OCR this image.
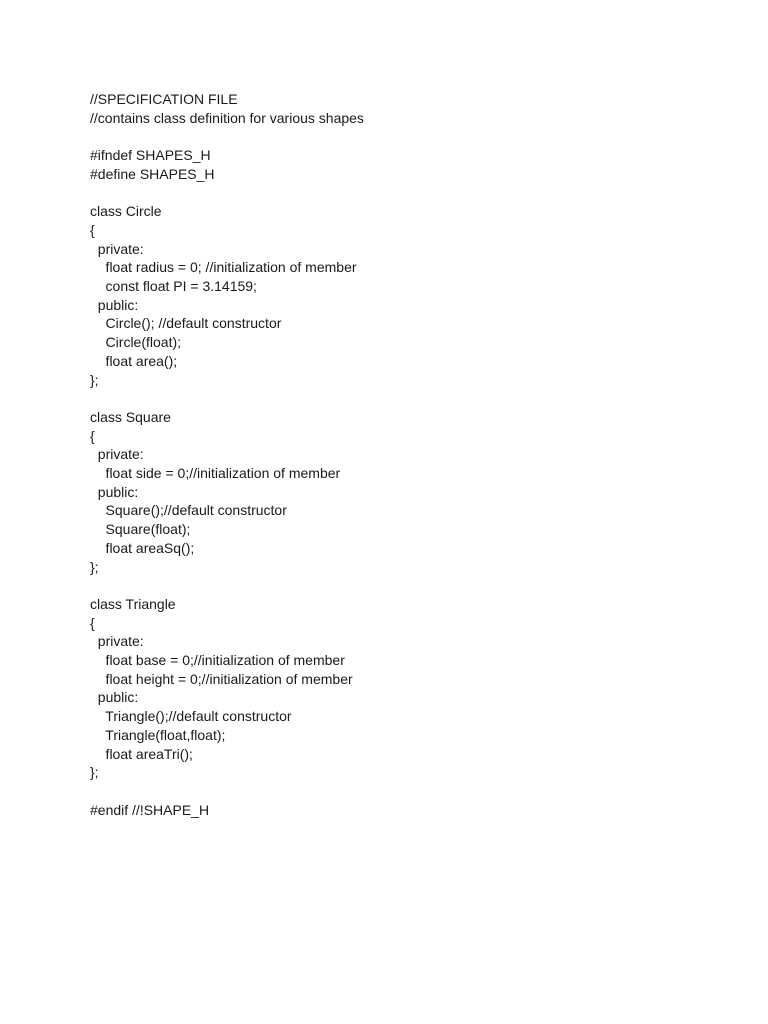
//SPECIFICATION FILE
//contains class definition for various shapes
#ifndef SHAPES_H
#define SHAPES_H
class Circle
{
private:
float radius = 0; //initialization of member
const float PI = 3.14159;
public:
Circle(); //default constructor
Circle(float);
float area();
};
class Square
{
private:
float side = 0;//initialization of member
public:
Square();//default constructor
Square(float);
float areaSq();
};
class Triangle
{
private:
float base = 0;//initialization of member
float height = 0;//initialization of member
public:
Triangle();//default constructor
Triangle(float,float);
float areaTri();
};
#endif //!SHAPE_H
